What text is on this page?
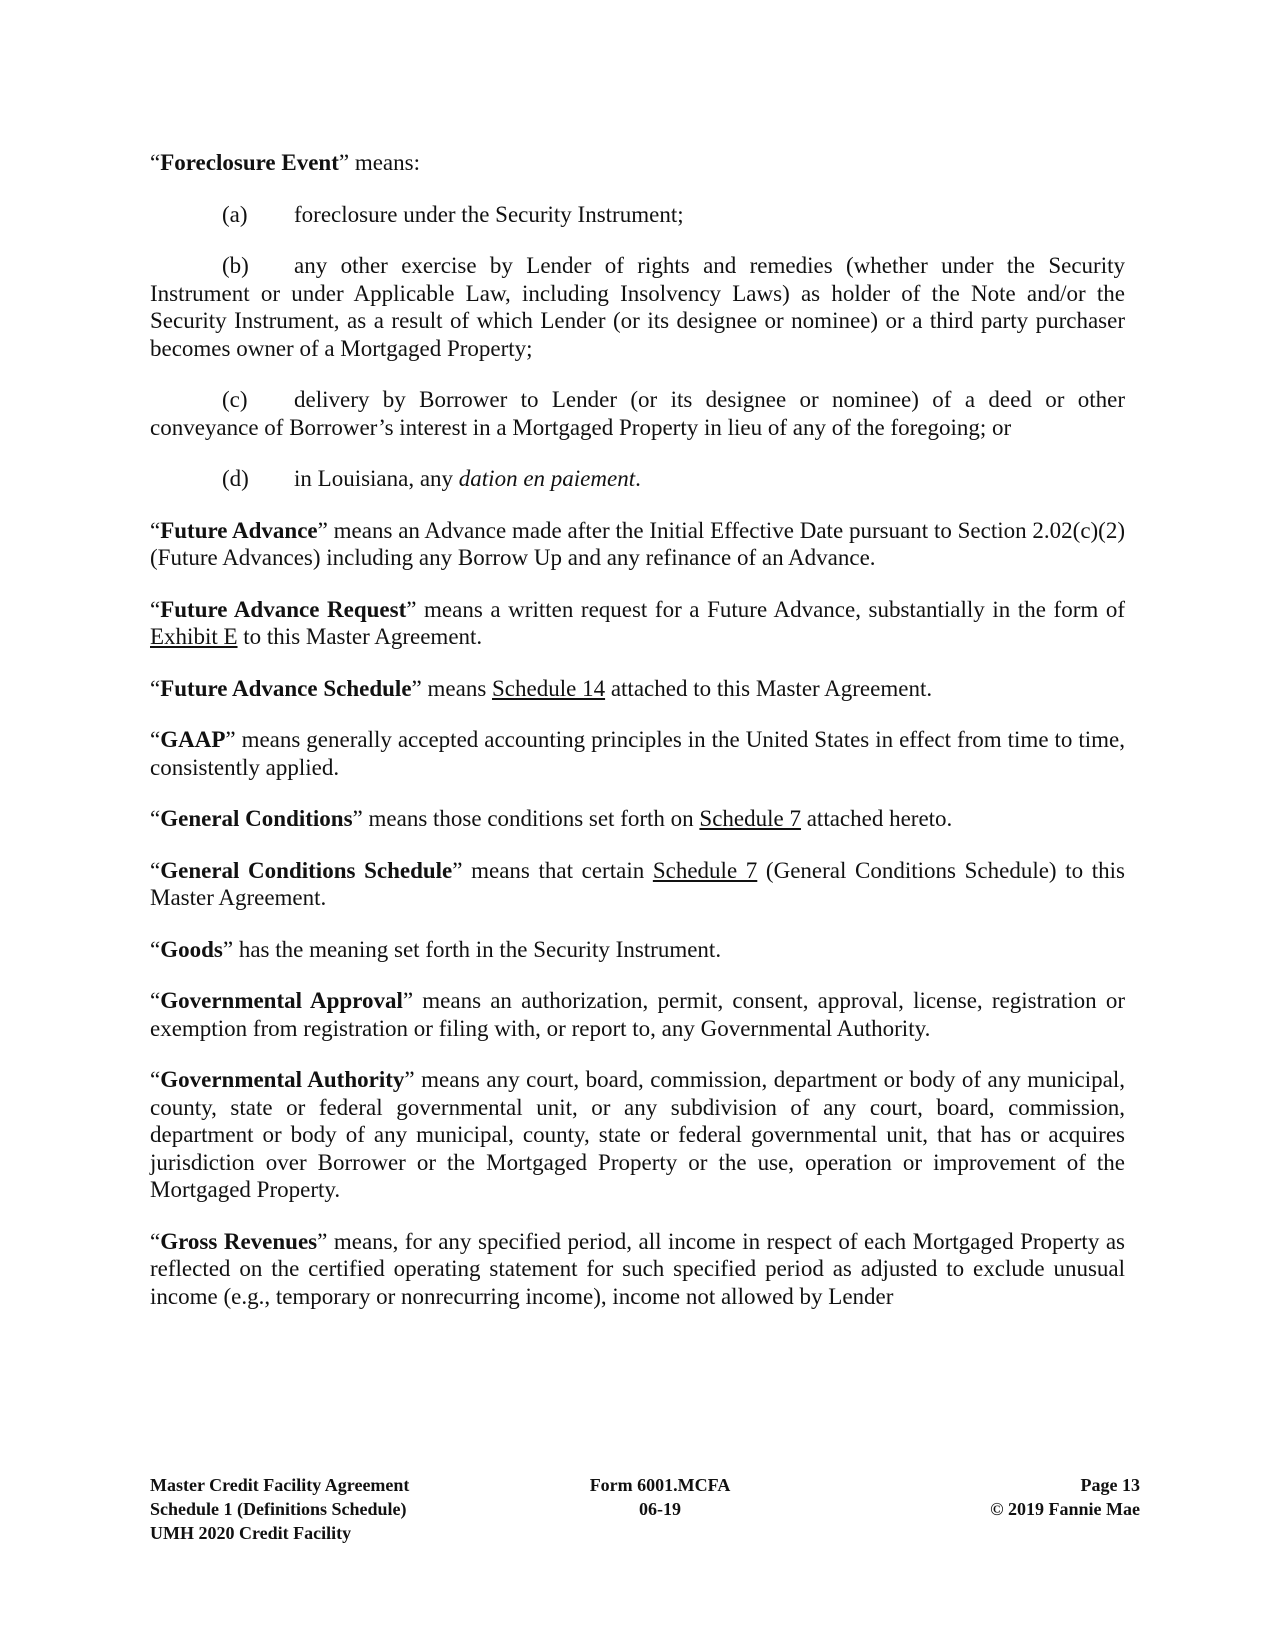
“Foreclosure Event” means:

(a) foreclosure under the Security Instrument;

(b) any other exercise by Lender of rights and remedies (whether under the Security Instrument or under Applicable Law, including Insolvency Laws) as holder of the Note and/or the Security Instrument, as a result of which Lender (or its designee or nominee) or a third party purchaser becomes owner of a Mortgaged Property;

(c) delivery by Borrower to Lender (or its designee or nominee) of a deed or other conveyance of Borrower’s interest in a Mortgaged Property in lieu of any of the foregoing; or

(d) in Louisiana, any dation en paiement.

“Future Advance” means an Advance made after the Initial Effective Date pursuant to Section 2.02(c)(2) (Future Advances) including any Borrow Up and any refinance of an Advance.

“Future Advance Request” means a written request for a Future Advance, substantially in the form of Exhibit E to this Master Agreement.

“Future Advance Schedule” means Schedule 14 attached to this Master Agreement.

“GAAP” means generally accepted accounting principles in the United States in effect from time to time, consistently applied.

“General Conditions” means those conditions set forth on Schedule 7 attached hereto.

“General Conditions Schedule” means that certain Schedule 7 (General Conditions Schedule) to this Master Agreement.

“Goods” has the meaning set forth in the Security Instrument.

“Governmental Approval” means an authorization, permit, consent, approval, license, registration or exemption from registration or filing with, or report to, any Governmental Authority.

“Governmental Authority” means any court, board, commission, department or body of any municipal, county, state or federal governmental unit, or any subdivision of any court, board, commission, department or body of any municipal, county, state or federal governmental unit, that has or acquires jurisdiction over Borrower or the Mortgaged Property or the use, operation or improvement of the Mortgaged Property.

“Gross Revenues” means, for any specified period, all income in respect of each Mortgaged Property as reflected on the certified operating statement for such specified period as adjusted to exclude unusual income (e.g., temporary or nonrecurring income), income not allowed by Lender

Master Credit Facility Agreement
Schedule 1 (Definitions Schedule)
UMH 2020 Credit Facility
Form 6001.MCFA
06-19
Page 13
© 2019 Fannie Mae
